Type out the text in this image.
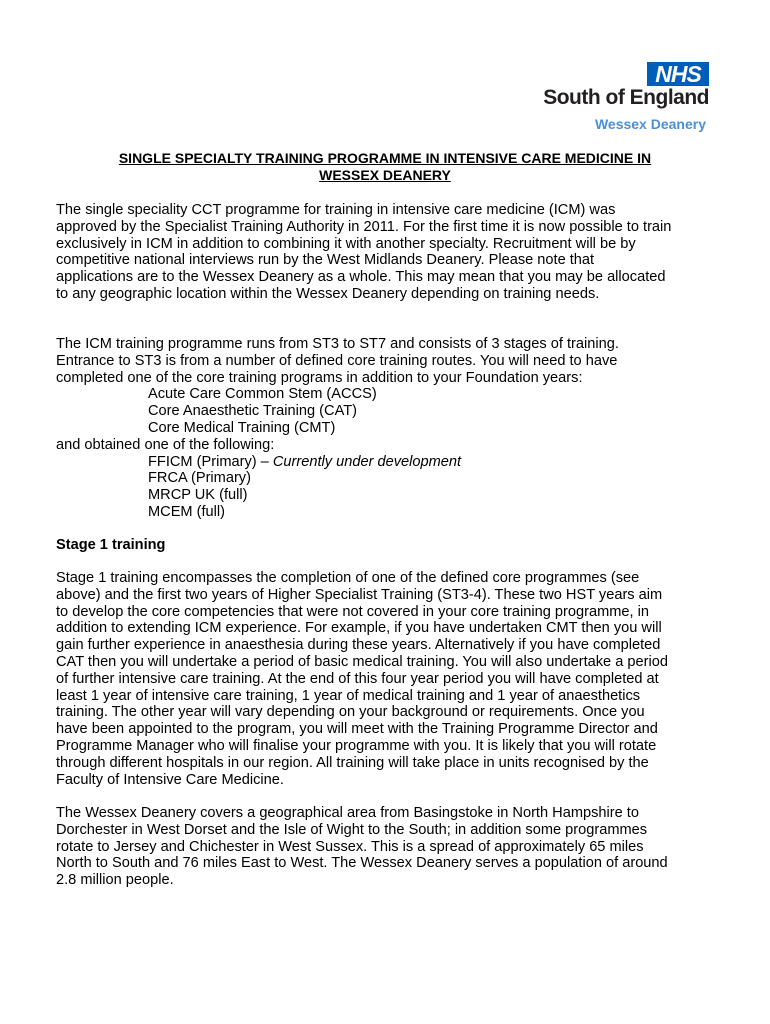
NHS
South of England
Wessex Deanery
SINGLE SPECIALTY TRAINING PROGRAMME IN INTENSIVE CARE MEDICINE IN
WESSEX DEANERY
The single speciality CCT programme for training in intensive care medicine (ICM) was
approved by the Specialist Training Authority in 2011. For the first time it is now possible to train
exclusively in ICM in addition to combining it with another specialty. Recruitment will be by
competitive national interviews run by the West Midlands Deanery. Please note that
applications are to the Wessex Deanery as a whole. This may mean that you may be allocated
to any geographic location within the Wessex Deanery depending on training needs.
The ICM training programme runs from ST3 to ST7 and consists of 3 stages of training.
Entrance to ST3 is from a number of defined core training routes. You will need to have
completed one of the core training programs in addition to your Foundation years:
Acute Care Common Stem (ACCS)
Core Anaesthetic Training (CAT)
Core Medical Training (CMT)
and obtained one of the following:
FFICM (Primary) – Currently under development
FRCA (Primary)
MRCP UK (full)
MCEM (full)
Stage 1 training
Stage 1 training encompasses the completion of one of the defined core programmes (see
above) and the first two years of Higher Specialist Training (ST3-4). These two HST years aim
to develop the core competencies that were not covered in your core training programme, in
addition to extending ICM experience. For example, if you have undertaken CMT then you will
gain further experience in anaesthesia during these years. Alternatively if you have completed
CAT then you will undertake a period of basic medical training. You will also undertake a period
of further intensive care training. At the end of this four year period you will have completed at
least 1 year of intensive care training, 1 year of medical training and 1 year of anaesthetics
training. The other year will vary depending on your background or requirements. Once you
have been appointed to the program, you will meet with the Training Programme Director and
Programme Manager who will finalise your programme with you. It is likely that you will rotate
through different hospitals in our region. All training will take place in units recognised by the
Faculty of Intensive Care Medicine.
The Wessex Deanery covers a geographical area from Basingstoke in North Hampshire to
Dorchester in West Dorset and the Isle of Wight to the South; in addition some programmes
rotate to Jersey and Chichester in West Sussex. This is a spread of approximately 65 miles
North to South and 76 miles East to West. The Wessex Deanery serves a population of around
2.8 million people.
